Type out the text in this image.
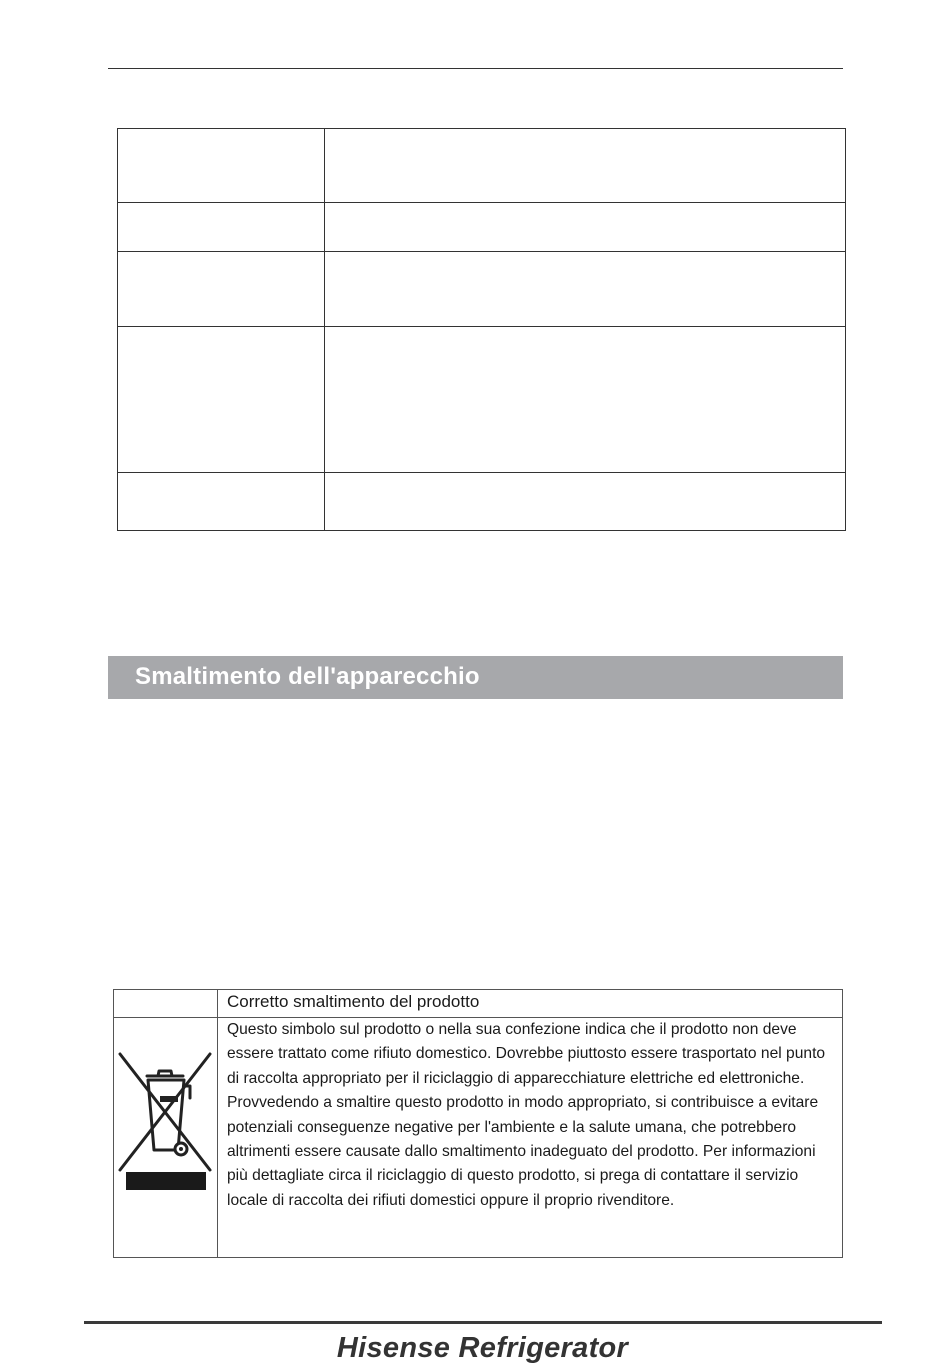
Smaltimento dell'apparecchio
Corretto smaltimento del prodotto
Questo simbolo sul prodotto o nella sua confezione indica che il prodotto non deve essere trattato come rifiuto domestico. Dovrebbe piuttosto essere trasportato nel punto di raccolta appropriato per il riciclaggio di apparecchiature elettriche ed elettroniche. Provvedendo a smaltire questo prodotto in modo appropriato, si contribuisce a evitare potenziali conseguenze negative per l'ambiente e la salute umana, che potrebbero altrimenti essere causate dallo smaltimento inadeguato del prodotto. Per informazioni più dettagliate circa il riciclaggio di questo prodotto, si prega di contattare il servizio locale di raccolta dei rifiuti domestici oppure il proprio rivenditore.
Hisense Refrigerator
